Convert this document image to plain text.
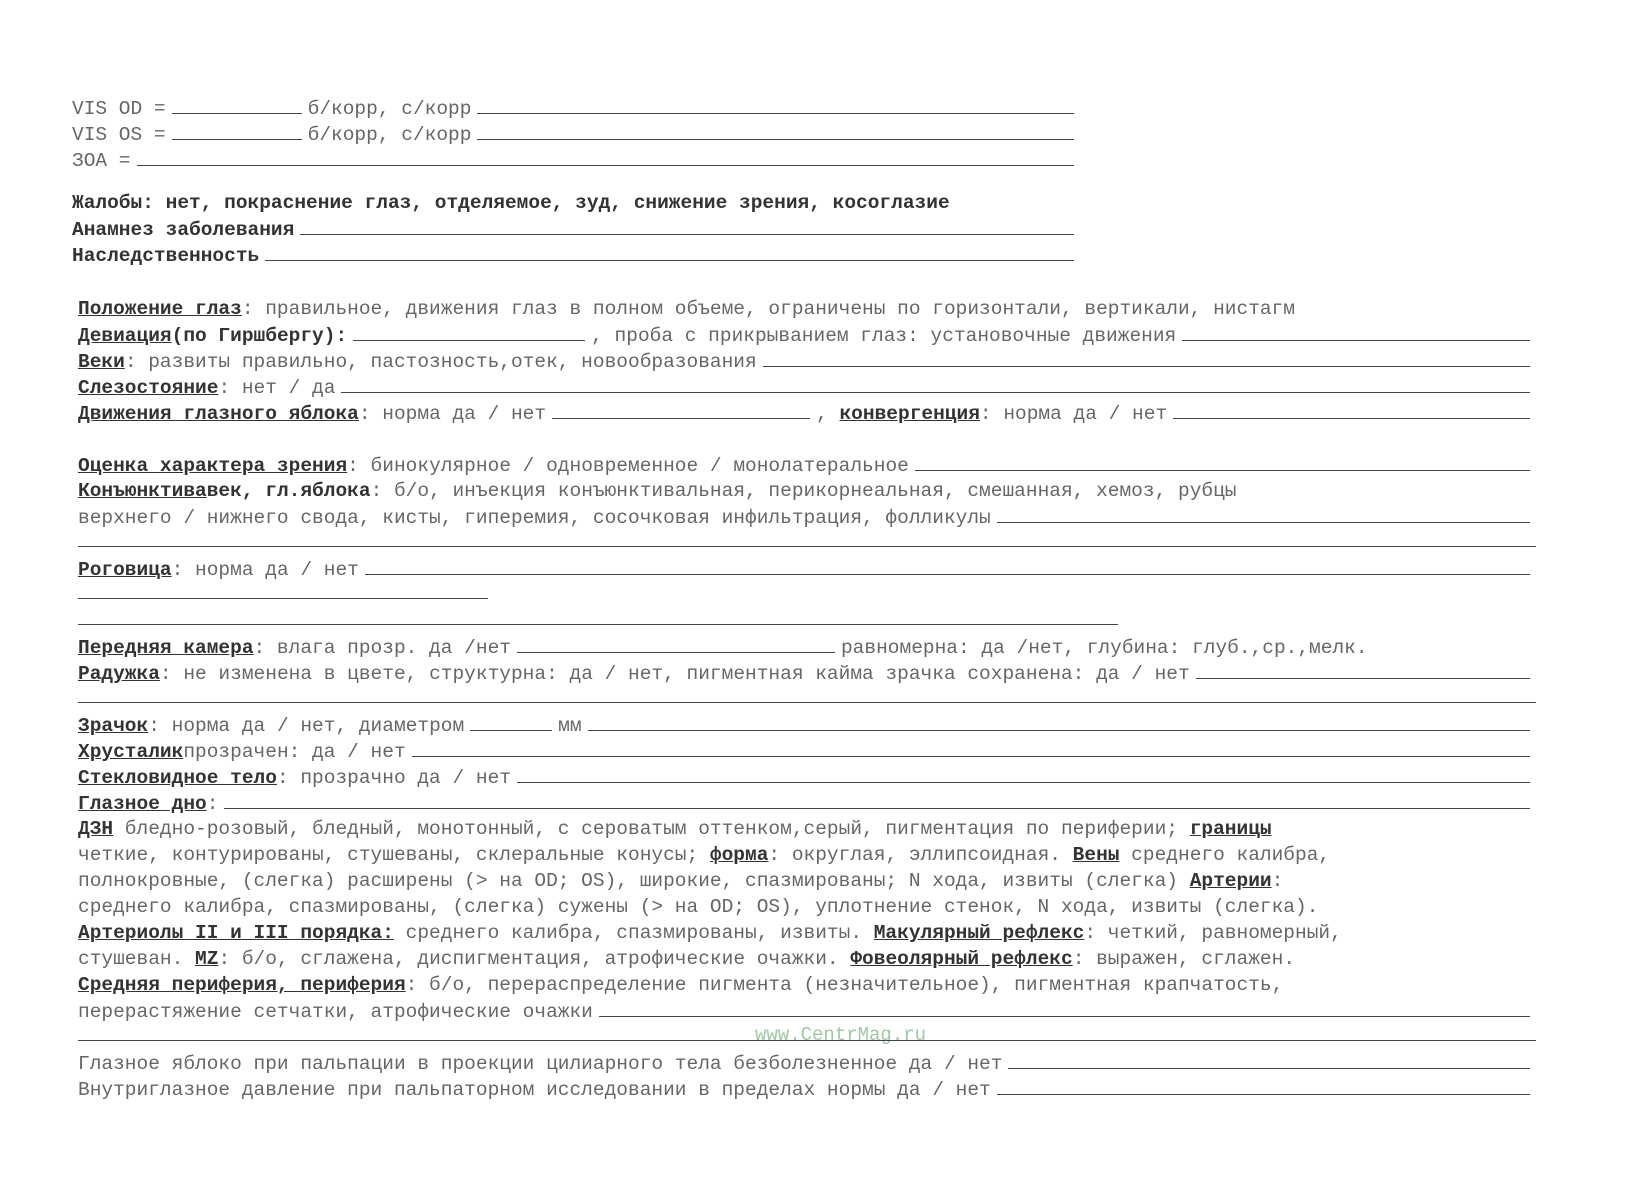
VIS OD =	б/корр, с/корр
VIS OS =	б/корр, с/корр
ЗОА =
Жалобы: нет, покраснение глаз, отделяемое, зуд, снижение зрения, косоглазие
Анамнез заболевания
Наследственность
Положение глаз : правильное, движения глаз в полном объеме, ограничены по горизонтали, вертикали, нистагм
Девиация (по Гиршбергу):	, проба с прикрыванием глаз: установочные движения
Веки : развиты правильно, пастозность,отек, новообразования
Слезостояние : нет / да
Движения глазного яблока : норма да / нет	, конвергенция : норма да / нет
Оценка характера зрения : бинокулярное / одновременное / монолатеральное
Конъюнктива век, гл.яблока : б/о, инъекция конъюнктивальная, перикорнеальная, смешанная, хемоз, рубцы
верхнего / нижнего свода, кисты, гиперемия, сосочковая инфильтрация, фолликулы
Роговица : норма да / нет
Передняя камера : влага прозр. да /нет	равномерна: да /нет, глубина: глуб.,ср.,мелк.
Радужка : не изменена в цвете, структурна: да / нет, пигментная кайма зрачка сохранена: да / нет
Зрачок : норма да / нет, диаметром	мм
Хрусталик прозрачен: да / нет
Стекловидное тело : прозрачно да / нет
Глазное дно :
ДЗН бледно-розовый, бледный, монотонный, с сероватым оттенком,серый, пигментация по периферии; границы
четкие, контурированы, стушеваны, склеральные конусы; форма : округлая, эллипсоидная. Вены среднего калибра,
полнокровные, (слегка) расширены (> на OD; OS), широкие, спазмированы; N хода, извиты (слегка) Артерии :
среднего калибра, спазмированы, (слегка) сужены (> на OD; OS), уплотнение стенок, N хода, извиты (слегка).
Артериолы II и III порядка: среднего калибра, спазмированы, извиты. Макулярный рефлекс : четкий, равномерный,
стушеван. MZ : б/о, сглажена, диспигментация, атрофические очажки. Фовеолярный рефлекс : выражен, сглажен.
Средняя периферия, периферия : б/о, перераспределение пигмента (незначительное), пигментная крапчатость,
перерастяжение сетчатки, атрофические очажки
www.CentrMag.ru
Глазное яблоко при пальпации в проекции цилиарного тела безболезненное да / нет
Внутриглазное давление при пальпаторном исследовании в пределах нормы да / нет
